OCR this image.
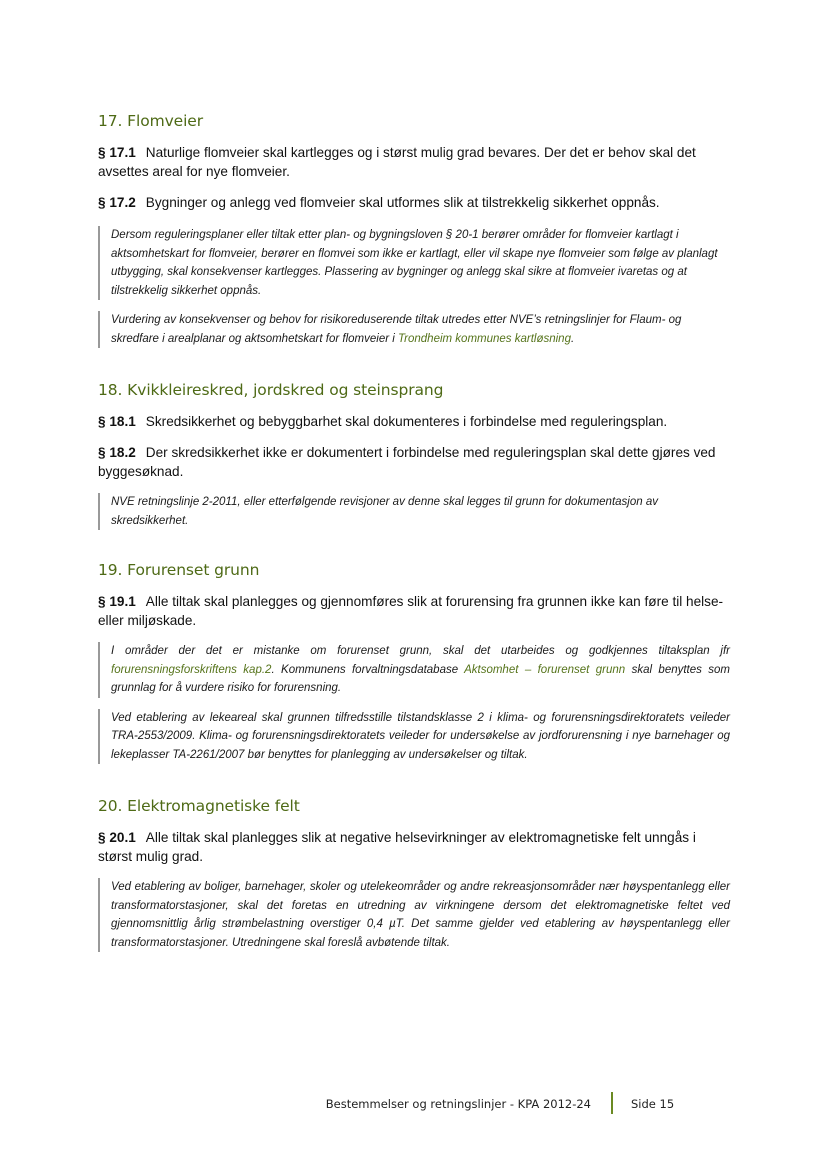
17. Flomveier

§ 17.1 Naturlige flomveier skal kartlegges og i størst mulig grad bevares. Der det er behov skal det avsettes areal for nye flomveier.

§ 17.2 Bygninger og anlegg ved flomveier skal utformes slik at tilstrekkelig sikkerhet oppnås.

Dersom reguleringsplaner eller tiltak etter plan- og bygningsloven § 20-1 berører områder for flomveier kartlagt i aktsomhetskart for flomveier, berører en flomvei som ikke er kartlagt, eller vil skape nye flomveier som følge av planlagt utbygging, skal konsekvenser kartlegges. Plassering av bygninger og anlegg skal sikre at flomveier ivaretas og at tilstrekkelig sikkerhet oppnås.
Vurdering av konsekvenser og behov for risikoreduserende tiltak utredes etter NVE’s retningslinjer for Flaum- og skredfare i arealplanar og aktsomhetskart for flomveier i Trondheim kommunes kartløsning.
18. Kvikkleireskred, jordskred og steinsprang

§ 18.1 Skredsikkerhet og bebyggbarhet skal dokumenteres i forbindelse med reguleringsplan.

§ 18.2 Der skredsikkerhet ikke er dokumentert i forbindelse med reguleringsplan skal dette gjøres ved byggesøknad.

NVE retningslinje 2-2011, eller etterfølgende revisjoner av denne skal legges til grunn for dokumentasjon av skredsikkerhet.
19. Forurenset grunn

§ 19.1 Alle tiltak skal planlegges og gjennomføres slik at forurensing fra grunnen ikke kan føre til helse- eller miljøskade.

I områder der det er mistanke om forurenset grunn, skal det utarbeides og godkjennes tiltaksplan jfr forurensningsforskriftens kap.2. Kommunens forvaltningsdatabase Aktsomhet – forurenset grunn skal benyttes som grunnlag for å vurdere risiko for forurensning.
Ved etablering av lekeareal skal grunnen tilfredsstille tilstandsklasse 2 i klima- og forurensningsdirektoratets veileder TRA-2553/2009. Klima- og forurensningsdirektoratets veileder for undersøkelse av jordforurensning i nye barnehager og lekeplasser TA-2261/2007 bør benyttes for planlegging av undersøkelser og tiltak.
20. Elektromagnetiske felt

§ 20.1 Alle tiltak skal planlegges slik at negative helsevirkninger av elektromagnetiske felt unngås i størst mulig grad.

Ved etablering av boliger, barnehager, skoler og utelekeområder og andre rekreasjonsområder nær høyspentanlegg eller transformatorstasjoner, skal det foretas en utredning av virkningene dersom det elektromagnetiske feltet ved gjennomsnittlig årlig strømbelastning overstiger 0,4 µT. Det samme gjelder ved etablering av høyspentanlegg eller transformatorstasjoner. Utredningene skal foreslå avbøtende tiltak.
Bestemmelser og retningslinjer - KPA 2012-24	Side 15
